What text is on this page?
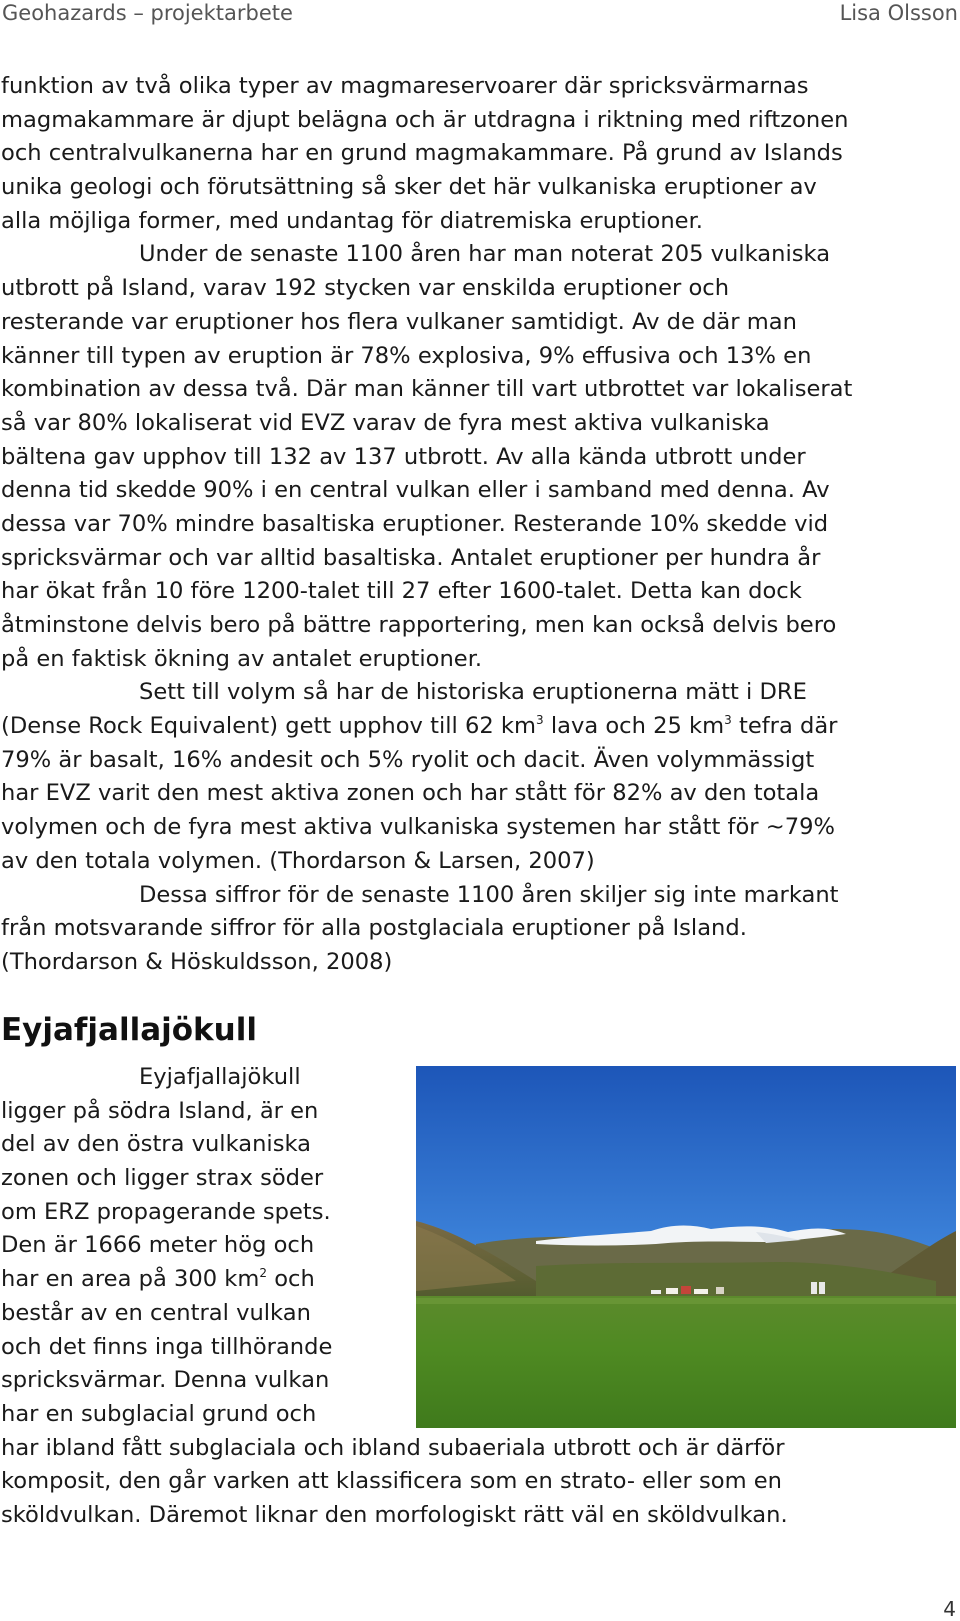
Geohazards – projektarbete	Lisa Olsson
funktion av två olika typer av magmareservoarer där spricksvärmarnas
magmakammare är djupt belägna och är utdragna i riktning med riftzonen
och centralvulkanerna har en grund magmakammare. På grund av Islands
unika geologi och förutsättning så sker det här vulkaniska eruptioner av
alla möjliga former, med undantag för diatremiska eruptioner.
Under de senaste 1100 åren har man noterat 205 vulkaniska
utbrott på Island, varav 192 stycken var enskilda eruptioner och
resterande var eruptioner hos flera vulkaner samtidigt. Av de där man
känner till typen av eruption är 78% explosiva, 9% effusiva och 13% en
kombination av dessa två. Där man känner till vart utbrottet var lokaliserat
så var 80% lokaliserat vid EVZ varav de fyra mest aktiva vulkaniska
bältena gav upphov till 132 av 137 utbrott. Av alla kända utbrott under
denna tid skedde 90% i en central vulkan eller i samband med denna. Av
dessa var 70% mindre basaltiska eruptioner. Resterande 10% skedde vid
spricksvärmar och var alltid basaltiska. Antalet eruptioner per hundra år
har ökat från 10 före 1200-talet till 27 efter 1600-talet. Detta kan dock
åtminstone delvis bero på bättre rapportering, men kan också delvis bero
på en faktisk ökning av antalet eruptioner.
Sett till volym så har de historiska eruptionerna mätt i DRE
(Dense Rock Equivalent) gett upphov till 62 $km^3$ lava och 25 $km^3$ tefra där
79% är basalt, 16% andesit och 5% ryolit och dacit. Även volymmässigt
har EVZ varit den mest aktiva zonen och har stått för 82% av den totala
volymen och de fyra mest aktiva vulkaniska systemen har stått för ~79%
av den totala volymen. (Thordarson & Larsen, 2007)
Dessa siffror för de senaste 1100 åren skiljer sig inte markant
från motsvarande siffror för alla postglaciala eruptioner på Island.
(Thordarson & Höskuldsson, 2008)
Eyjafjallajökull
Eyjafjallajökull
ligger på södra Island, är en
del av den östra vulkaniska
zonen och ligger strax söder
om ERZ propagerande spets.
Den är 1666 meter hög och
har en area på 300 $km^2$ och
består av en central vulkan
och det finns inga tillhörande
spricksvärmar. Denna vulkan
har en subglacial grund och
har ibland fått subglaciala och ibland subaeriala utbrott och är därför
komposit, den går varken att klassificera som en strato- eller som en
sköldvulkan. Däremot liknar den morfologiskt rätt väl en sköldvulkan.
4
